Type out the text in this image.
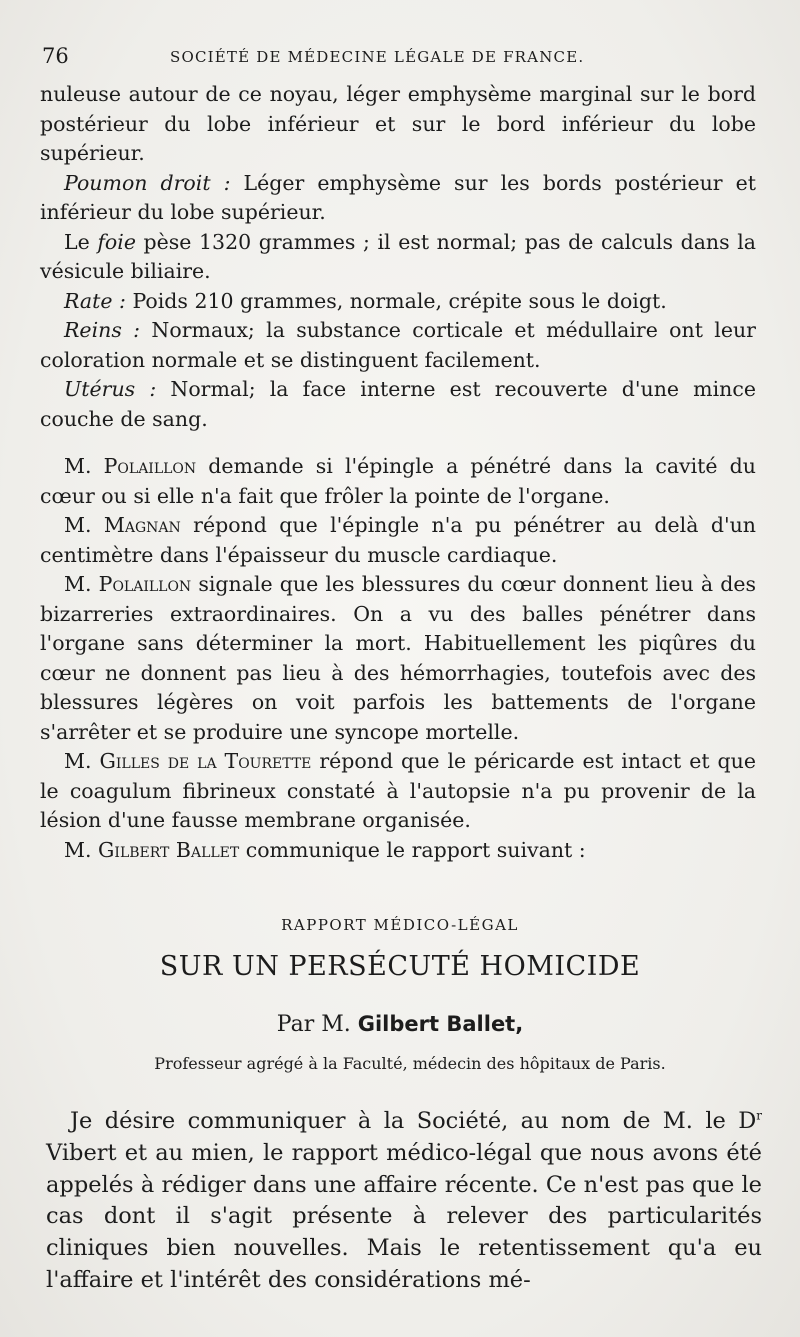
76	SOCIÉTÉ DE MÉDECINE LÉGALE DE FRANCE.

nuleuse autour de ce noyau, léger emphysème marginal sur le bord postérieur du lobe inférieur et sur le bord inférieur du lobe supérieur.

Poumon droit : Léger emphysème sur les bords postérieur et inférieur du lobe supérieur.

Le foie pèse 1320 grammes ; il est normal; pas de calculs dans la vésicule biliaire.

Rate : Poids 210 grammes, normale, crépite sous le doigt.

Reins : Normaux; la substance corticale et médullaire ont leur coloration normale et se distinguent facilement.

Utérus : Normal; la face interne est recouverte d'une mince couche de sang.

M. Polaillon demande si l'épingle a pénétré dans la cavité du cœur ou si elle n'a fait que frôler la pointe de l'organe.

M. Magnan répond que l'épingle n'a pu pénétrer au delà d'un centimètre dans l'épaisseur du muscle cardiaque.

M. Polaillon signale que les blessures du cœur donnent lieu à des bizarreries extraordinaires. On a vu des balles pénétrer dans l'organe sans déterminer la mort. Habituellement les piqûres du cœur ne donnent pas lieu à des hémorrhagies, toutefois avec des blessures légères on voit parfois les battements de l'organe s'arrêter et se produire une syncope mortelle.

M. Gilles de la Tourette répond que le péricarde est intact et que le coagulum fibrineux constaté à l'autopsie n'a pu provenir de la lésion d'une fausse membrane organisée.

M. Gilbert Ballet communique le rapport suivant :

RAPPORT MÉDICO-LÉGAL
SUR UN PERSÉCUTÉ HOMICIDE
Par M. Gilbert Ballet,
Professeur agrégé à la Faculté, médecin des hôpitaux de Paris.

Je désire communiquer à la Société, au nom de M. le $D^r$ Vibert et au mien, le rapport médico-légal que nous avons été appelés à rédiger dans une affaire récente. Ce n'est pas que le cas dont il s'agit présente à relever des particularités cliniques bien nouvelles. Mais le retentissement qu'a eu l'affaire et l'intérêt des considérations mé-
